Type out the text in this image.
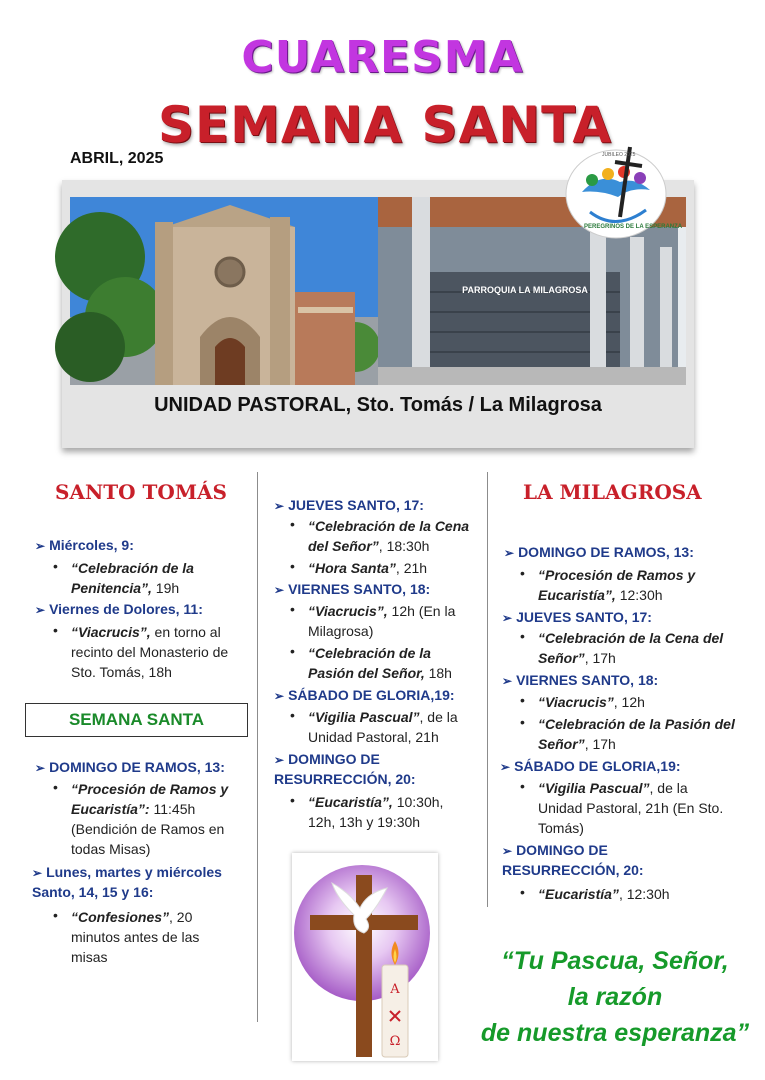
CUARESMA
SEMANA SANTA
ABRIL, 2025
PARROQUIA LA MILAGROSA
JUBILEO 2025
PEREGRINOS DE LA ESPERANZA
UNIDAD PASTORAL, Sto. Tomás / La Milagrosa
SANTO TOMÁS
➢ Miércoles, 9:
• “Celebración de la
Penitencia”, 19h
➢ Viernes de Dolores, 11:
• “Viacrucis”, en torno al recinto del Monasterio de Sto. Tomás, 18h
SEMANA SANTA
➢ DOMINGO DE RAMOS, 13:
• “Procesión de Ramos y Eucaristía”: 11:45h (Bendición de Ramos en todas Misas)
➢ Lunes, martes y miércoles Santo, 14, 15 y 16:
• “Confesiones”, 20 minutos antes de las misas
➢ JUEVES SANTO, 17:
• “Celebración de la Cena del Señor”, 18:30h
• “Hora Santa”, 21h
➢ VIERNES SANTO, 18:
• “Viacrucis”, 12h (En la Milagrosa)
• “Celebración de la Pasión del Señor, 18h
➢ SÁBADO DE GLORIA,19:
• “Vigilia Pascual”, de la Unidad Pastoral, 21h
➢ DOMINGO DE RESURRECCIÓN, 20:
• “Eucaristía”, 10:30h, 12h, 13h y 19:30h
A
Ω
LA MILAGROSA
➢ DOMINGO DE RAMOS, 13:
• “Procesión de Ramos y Eucaristía”, 12:30h
➢ JUEVES SANTO, 17:
• “Celebración de la Cena del Señor”, 17h
➢ VIERNES SANTO, 18:
• “Viacrucis”, 12h
• “Celebración de la Pasión del Señor”, 17h
➢ SÁBADO DE GLORIA,19:
• “Vigilia Pascual”, de la Unidad Pastoral, 21h (En Sto. Tomás)
➢ DOMINGO DE RESURRECCIÓN, 20:
• “Eucaristía”, 12:30h
“Tu Pascua, Señor,
la razón
de nuestra esperanza”
